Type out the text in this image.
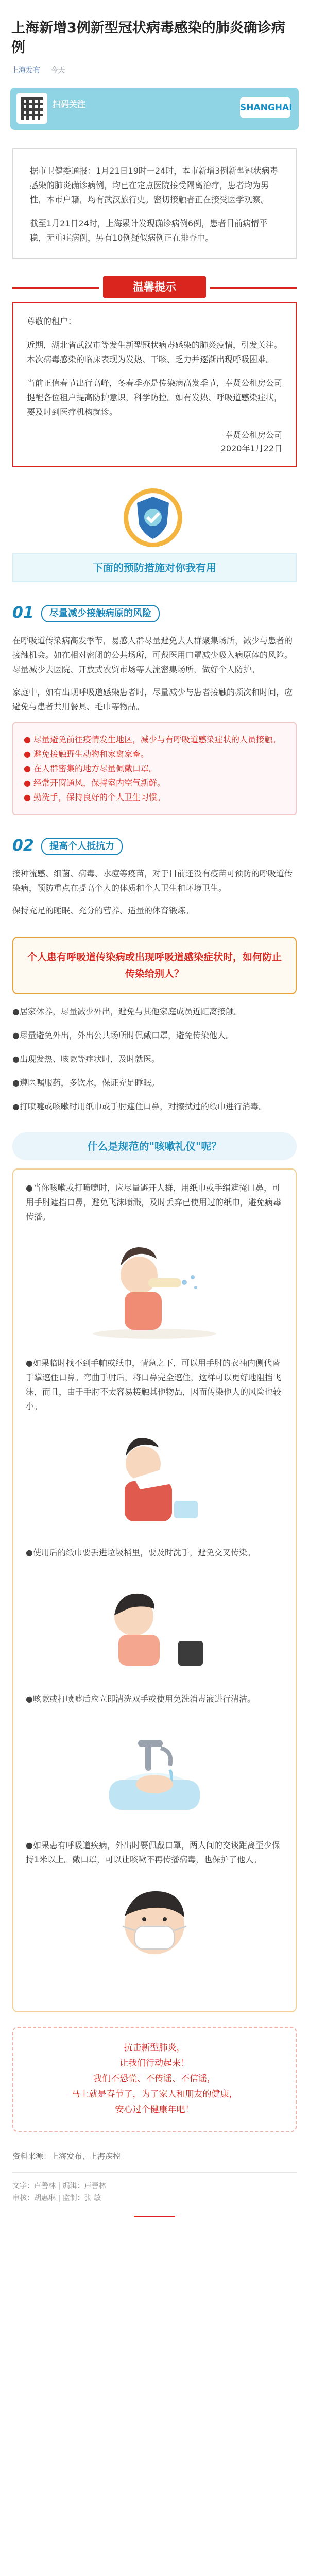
上海新增3例新型冠状病毒感染的肺炎确诊病例
上海发布 今天
扫码关注	SHANGHAI

据市卫健委通报：1月21日19时一24时，本市新增3例新型冠状病毒感染的肺炎确诊病例，均已在定点医院接受隔离治疗，患者均为男性，本市户籍，均有武汉旅行史。密切接触者正在接受医学观察。

截至1月21日24时，上海累计发现确诊病例6例，患者目前病情平稳，无重症病例，另有10例疑似病例正在排查中。

温馨提示

尊敬的租户：

近期，湖北省武汉市等发生新型冠状病毒感染的肺炎疫情，引发关注。本次病毒感染的临床表现为发热、干咳、乏力并逐渐出现呼吸困难。

当前正值春节出行高峰，冬春季亦是传染病高发季节，奉贤公租房公司提醒各位租户提高防护意识，科学防控。如有发热、呼吸道感染症状，要及时到医疗机构就诊。

奉贤公租房公司
2020年1月22日

下面的预防措施对你我有用
01	尽量减少接触病原的风险

在呼吸道传染病高发季节，易感人群尽量避免去人群聚集场所，减少与患者的接触机会。如在相对密闭的公共场所，可戴医用口罩减少吸入病原体的风险。尽量减少去医院、开放式农贸市场等人流密集场所，做好个人防护。

家庭中，如有出现呼吸道感染患者时，尽量减少与患者接触的频次和时间，应避免与患者共用餐具、毛巾等物品。

● 尽量避免前往疫情发生地区，减少与有呼吸道感染症状的人员接触。
● 避免接触野生动物和家禽家畜。
● 在人群密集的地方尽量佩戴口罩。
● 经常开窗通风，保持室内空气新鲜。
● 勤洗手，保持良好的个人卫生习惯。
02	提高个人抵抗力

接种流感、细菌、病毒、水痘等疫苗，对于目前还没有疫苗可预防的呼吸道传染病，预防重点在提高个人的体质和个人卫生和环境卫生。

保持充足的睡眠、充分的营养、适量的体育锻炼。

个人患有呼吸道传染病或出现呼吸道感染症状时，如何防止传染给别人？

●居家休养，尽量减少外出，避免与其他家庭成员近距离接触。

●尽量避免外出，外出公共场所时佩戴口罩，避免传染他人。

●出现发热、咳嗽等症状时，及时就医。

●遵医嘱服药，多饮水，保证充足睡眠。

●打喷嚏或咳嗽时用纸巾或手肘遮住口鼻，对擦拭过的纸巾进行消毒。

什么是规范的"咳嗽礼仪"呢？

●当你咳嗽或打喷嚏时，应尽量避开人群，用纸巾或手绢遮掩口鼻，可用手肘遮挡口鼻，避免飞沫喷溅，及时丢弃已使用过的纸巾，避免病毒传播。

●如果临时找不到手帕或纸巾，情急之下，可以用手肘的衣袖内侧代替手掌遮住口鼻。弯曲手肘后，将口鼻完全遮住，这样可以更好地阻挡飞沫，而且，由于手肘不太容易接触其他物品，因而传染他人的风险也较小。

●使用后的纸巾要丢进垃圾桶里，要及时洗手，避免交叉传染。

●咳嗽或打喷嚏后应立即清洗双手或使用免洗消毒液进行清洁。

●如果患有呼吸道疾病，外出时要佩戴口罩，两人间的交谈距离至少保持1米以上。戴口罩，可以让咳嗽不再传播病毒，也保护了他人。

抗击新型肺炎，
让我们行动起来！
我们不恐慌、不传谣、不信谣，
马上就是春节了，为了家人和朋友的健康，
安心过个健康年吧！
资料来源：上海发布、上海疾控
文字：卢善林 | 编辑：卢善林
审核：胡惠琳 | 监制：张 敏
